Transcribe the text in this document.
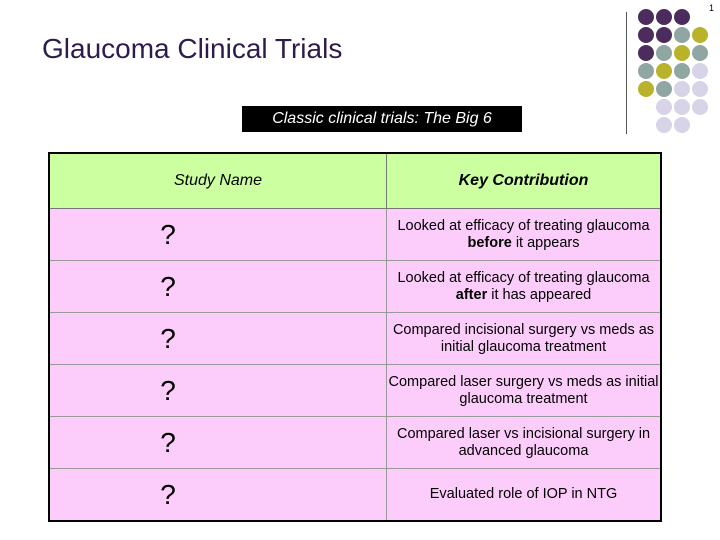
1
Glaucoma Clinical Trials
Classic clinical trials: The Big 6
Study Name	Key Contribution
?	Looked at efficacy of treating glaucoma before it appears
?	Looked at efficacy of treating glaucoma after it has appeared
?	Compared incisional surgery vs meds as initial glaucoma treatment
?	Compared laser surgery vs meds as initial glaucoma treatment
?	Compared laser vs incisional surgery in advanced glaucoma
?	Evaluated role of IOP in NTG
